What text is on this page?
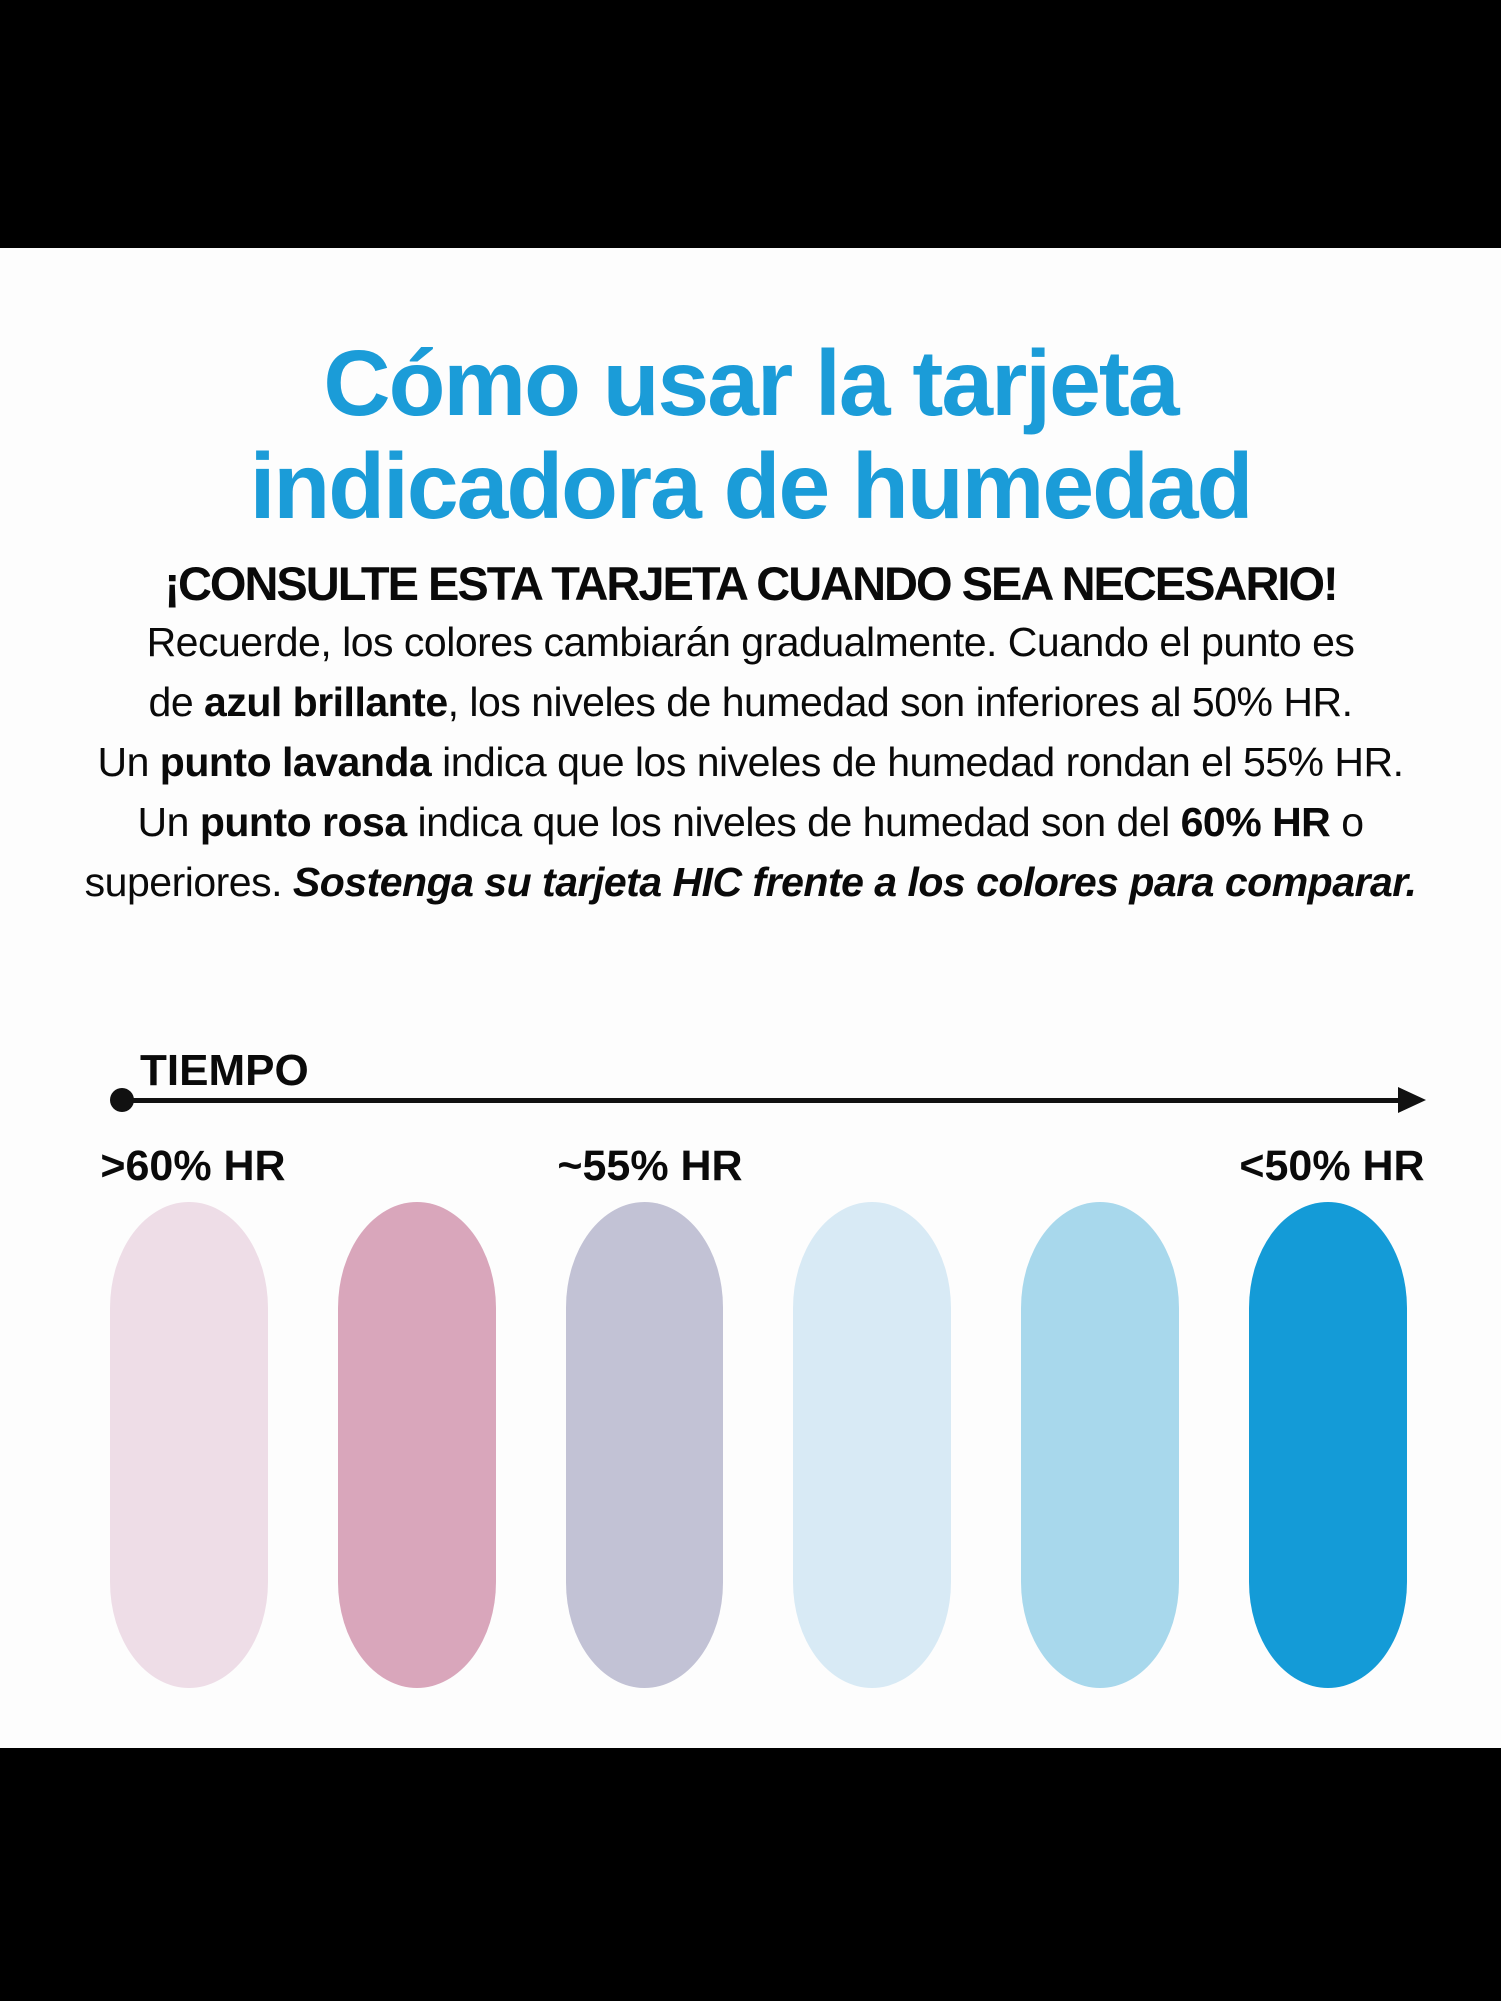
Cómo usar la tarjeta
indicadora de humedad
¡CONSULTE ESTA TARJETA CUANDO SEA NECESARIO!
Recuerde, los colores cambiarán gradualmente. Cuando el punto es
de azul brillante, los niveles de humedad son inferiores al 50% HR.
Un punto lavanda indica que los niveles de humedad rondan el 55% HR.
Un punto rosa indica que los niveles de humedad son del 60% HR o
superiores. Sostenga su tarjeta HIC frente a los colores para comparar.
TIEMPO
>60% HR	~55% HR	<50% HR
